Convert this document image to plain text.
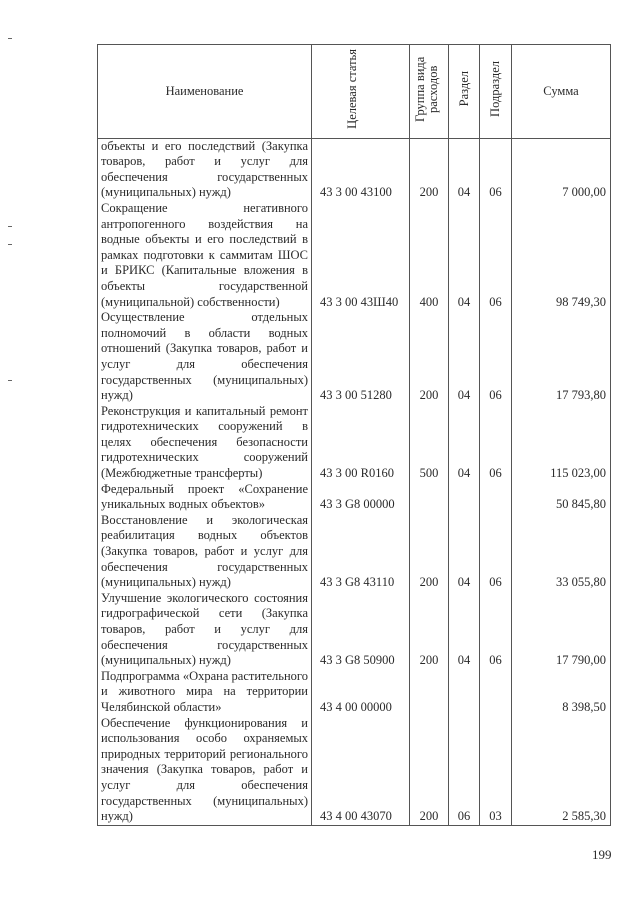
Наименование	Целевая статья	Группа вида расходов	Раздел	Подраздел	Сумма
объекты и его последствий (Закупка товаров, работ и услуг для обеспечения государственных (муниципальных) нужд)	43 3 00 43100	200	04	06	7 000,00
Сокращение негативного антропогенного воздействия на водные объекты и его последствий в рамках подготовки к саммитам ШОС и БРИКС (Капитальные вложения в объекты государственной (муниципальной) собственности)	43 3 00 43Ш40	400	04	06	98 749,30
Осуществление отдельных полномочий в области водных отношений (Закупка товаров, работ и услуг для обеспечения государственных (муниципальных) нужд)	43 3 00 51280	200	04	06	17 793,80
Реконструкция и капитальный ремонт гидротехнических сооружений в целях обеспечения безопасности гидротехнических сооружений (Межбюджетные трансферты)	43 3 00 R0160	500	04	06	115 023,00
Федеральный проект «Сохранение уникальных водных объектов»	43 3 G8 00000				50 845,80
Восстановление и экологическая реабилитация водных объектов (Закупка товаров, работ и услуг для обеспечения государственных (муниципальных) нужд)	43 3 G8 43110	200	04	06	33 055,80
Улучшение экологического состояния гидрографической сети (Закупка товаров, работ и услуг для обеспечения государственных (муниципальных) нужд)	43 3 G8 50900	200	04	06	17 790,00
Подпрограмма «Охрана растительного и животного мира на территории Челябинской области»	43 4 00 00000				8 398,50
Обеспечение функционирования и использования особо охраняемых природных территорий регионального значения (Закупка товаров, работ и услуг для обеспечения государственных (муниципальных) нужд)	43 4 00 43070	200	06	03	2 585,30
199
